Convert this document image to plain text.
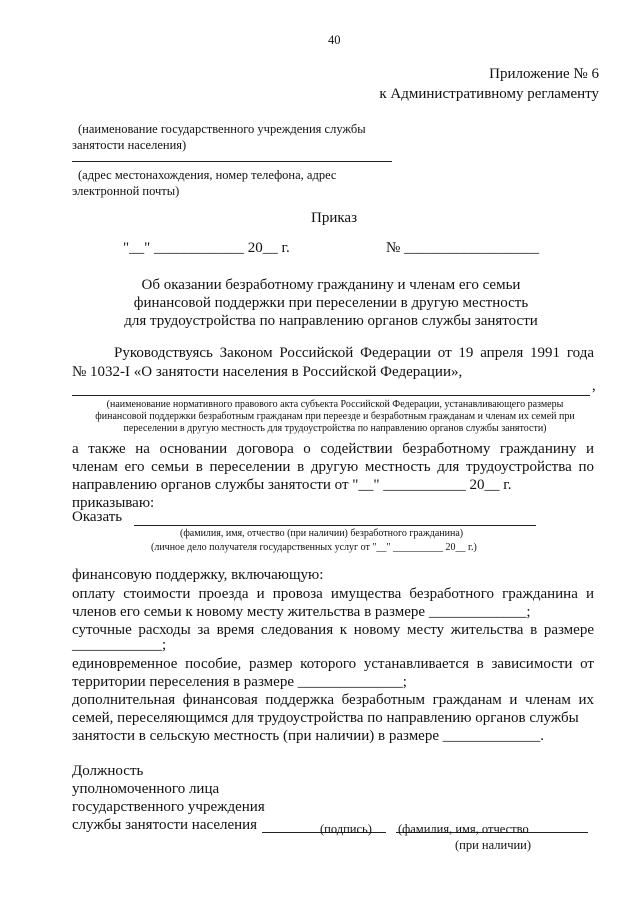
40
Приложение № 6
к Административному регламенту
(наименование государственного учреждения службы
занятости населения)
(адрес местонахождения, номер телефона, адрес
электронной почты)
Приказ
"__" ____________ 20__ г.	№ __________________
Об оказании безработному гражданину и членам его семьи
финансовой поддержки при переселении в другую местность
для трудоустройства по направлению органов службы занятости
Руководствуясь Законом Российской Федерации от 19 апреля 1991 года
№ 1032-I «О занятости населения в Российской Федерации»,
,
(наименование нормативного правового акта субъекта Российской Федерации, устанавливающего размеры
финансовой поддержки безработным гражданам при переезде и безработным гражданам и членам их семей при
переселении в другую местность для трудоустройства по направлению органов службы занятости)
а также на основании договора о содействии безработному гражданину и
членам его семьи в переселении в другую местность для трудоустройства по
направлению органов службы занятости от "__" ___________ 20__ г.
приказываю:
Оказать
(фамилия, имя, отчество (при наличии) безработного гражданина)
(личное дело получателя государственных услуг от "__" __________ 20__ г.)
финансовую поддержку, включающую:
оплату стоимости проезда и провоза имущества безработного гражданина и
членов его семьи к новому месту жительства в размере _____________;
суточные расходы за время следования к новому месту жительства в размере
____________;
единовременное пособие, размер которого устанавливается в зависимости от
территории переселения в размере ______________;
дополнительная финансовая поддержка безработным гражданам и членам их
семей, переселяющимся для трудоустройства по направлению органов службы
занятости в сельскую местность (при наличии) в размере _____________.
Должность
уполномоченного лица
государственного учреждения
службы занятости населения	(подпись) (фамилия, имя, отчество
(при наличии)
